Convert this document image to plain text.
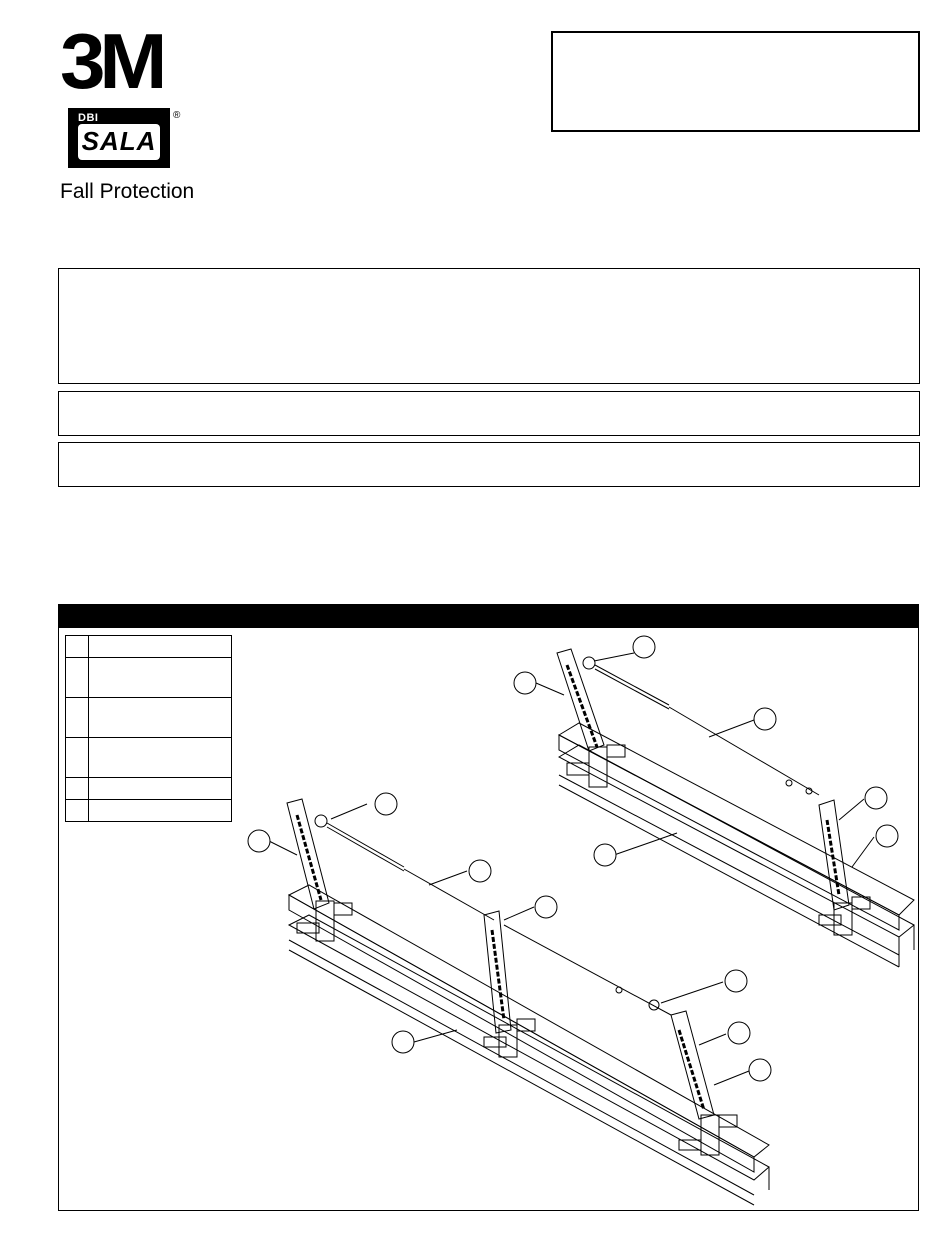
3M
DBI
SALA
®
Fall Protection
